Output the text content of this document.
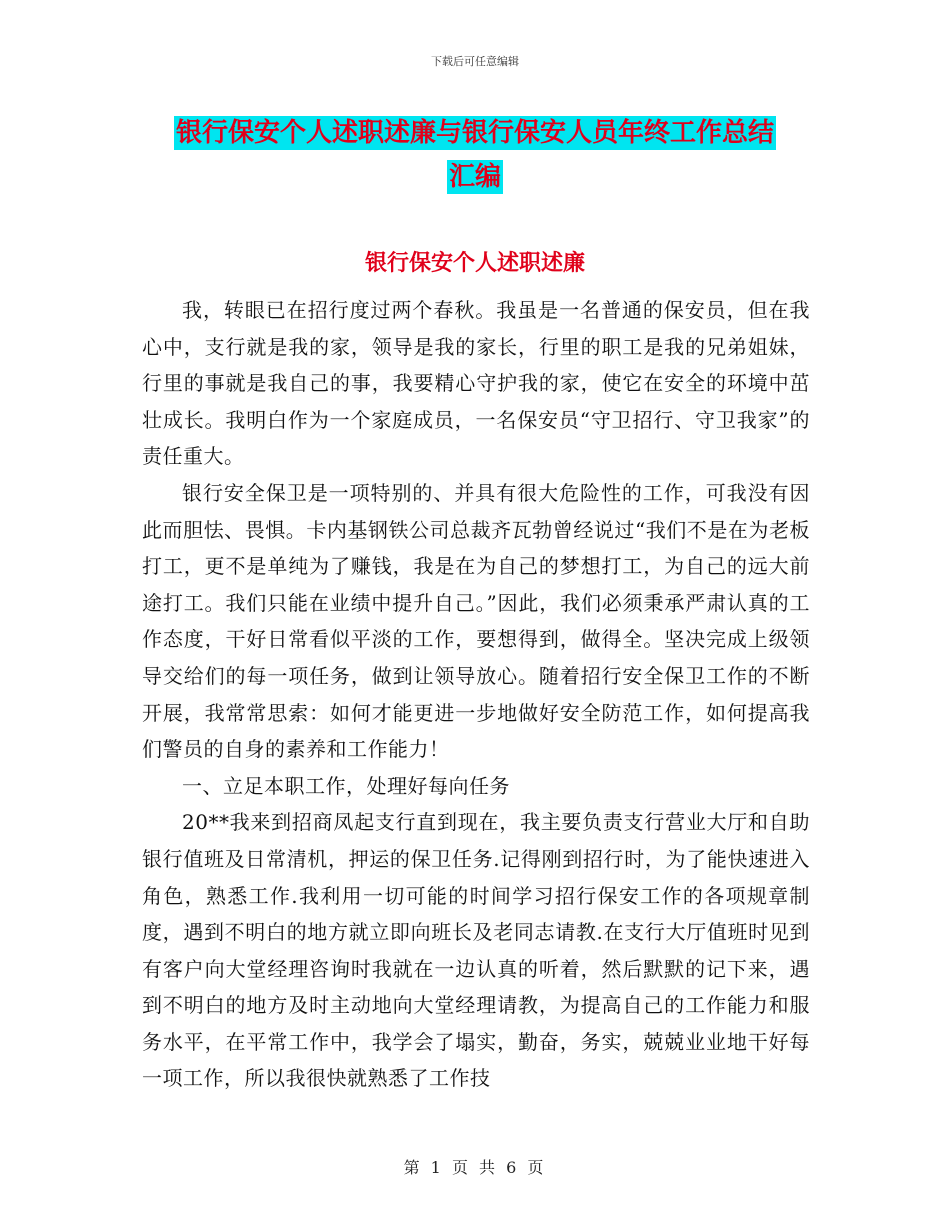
下载后可任意编辑
银行保安个人述职述廉与银行保安人员年终工作总结
汇编
银行保安个人述职述廉

我，转眼已在招行度过两个春秋。我虽是一名普通的保安员，但在我心中，支行就是我的家，领导是我的家长，行里的职工是我的兄弟姐妹，行里的事就是我自己的事，我要精心守护我的家，使它在安全的环境中茁壮成长。我明白作为一个家庭成员，一名保安员“守卫招行、守卫我家”的责任重大。

银行安全保卫是一项特别的、并具有很大危险性的工作，可我没有因此而胆怯、畏惧。卡内基钢铁公司总裁齐瓦勃曾经说过“我们不是在为老板打工，更不是单纯为了赚钱，我是在为自己的梦想打工，为自己的远大前途打工。我们只能在业绩中提升自己。”因此，我们必须秉承严肃认真的工作态度，干好日常看似平淡的工作，要想得到，做得全。坚决完成上级领导交给们的每一项任务，做到让领导放心。随着招行安全保卫工作的不断开展，我常常思索：如何才能更进一步地做好安全防范工作，如何提高我们警员的自身的素养和工作能力！

一、立足本职工作，处理好每向任务

20**我来到招商凤起支行直到现在，我主要负责支行营业大厅和自助银行值班及日常清机，押运的保卫任务.记得刚到招行时，为了能快速进入角色，熟悉工作.我利用一切可能的时间学习招行保安工作的各项规章制度，遇到不明白的地方就立即向班长及老同志请教.在支行大厅值班时见到有客户向大堂经理咨询时我就在一边认真的听着，然后默默的记下来，遇到不明白的地方及时主动地向大堂经理请教，为提高自己的工作能力和服务水平，在平常工作中，我学会了塌实，勤奋，务实，兢兢业业地干好每一项工作，所以我很快就熟悉了工作技

第 1 页 共 6 页
